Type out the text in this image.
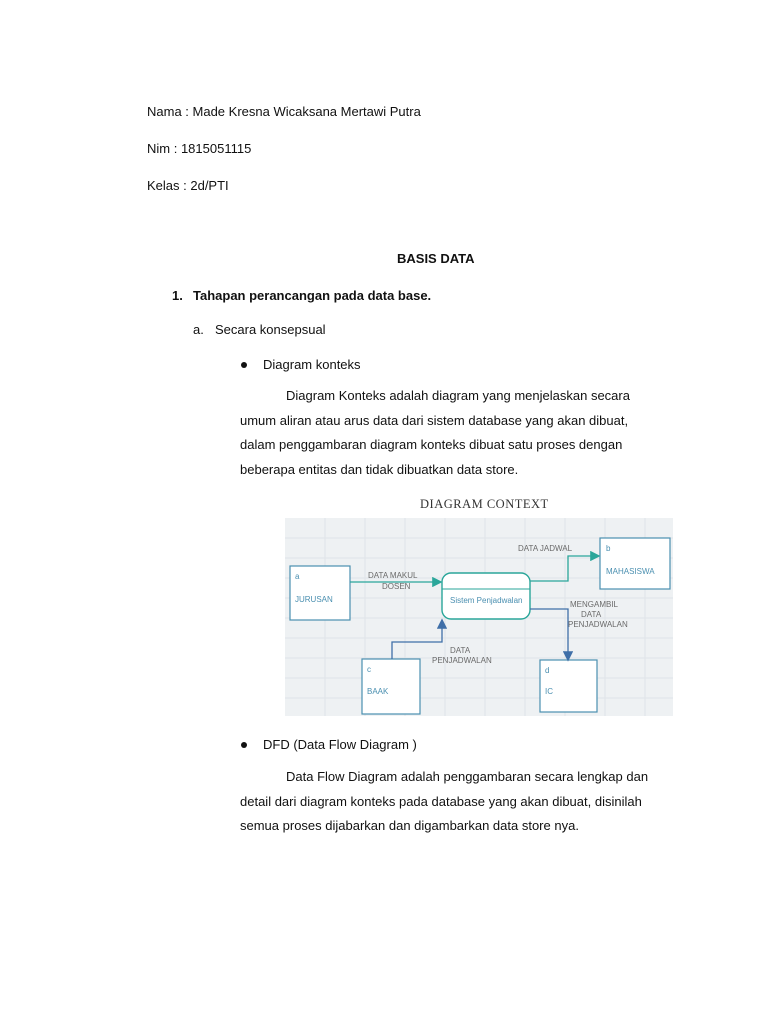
Nama : Made Kresna Wicaksana Mertawi Putra
Nim : 1815051115
Kelas : 2d/PTI
BASIS DATA
1. Tahapan perancangan pada data base.
a. Secara konsepsual
Diagram konteks
Diagram Konteks adalah diagram yang menjelaskan secara
umum aliran atau arus data dari sistem database yang akan dibuat,
dalam penggambaran diagram konteks dibuat satu proses dengan
beberapa entitas dan tidak dibuatkan data store.
DIAGRAM CONTEXT
a
JURUSAN
b
MAHASISWA
c
BAAK
d
IC
Sistem Penjadwalan
DATA MAKUL
DOSEN
DATA JADWAL
MENGAMBIL
DATA
PENJADWALAN
DATA
PENJADWALAN
DFD (Data Flow Diagram )
Data Flow Diagram adalah penggambaran secara lengkap dan
detail dari diagram konteks pada database yang akan dibuat, disinilah
semua proses dijabarkan dan digambarkan data store nya.
